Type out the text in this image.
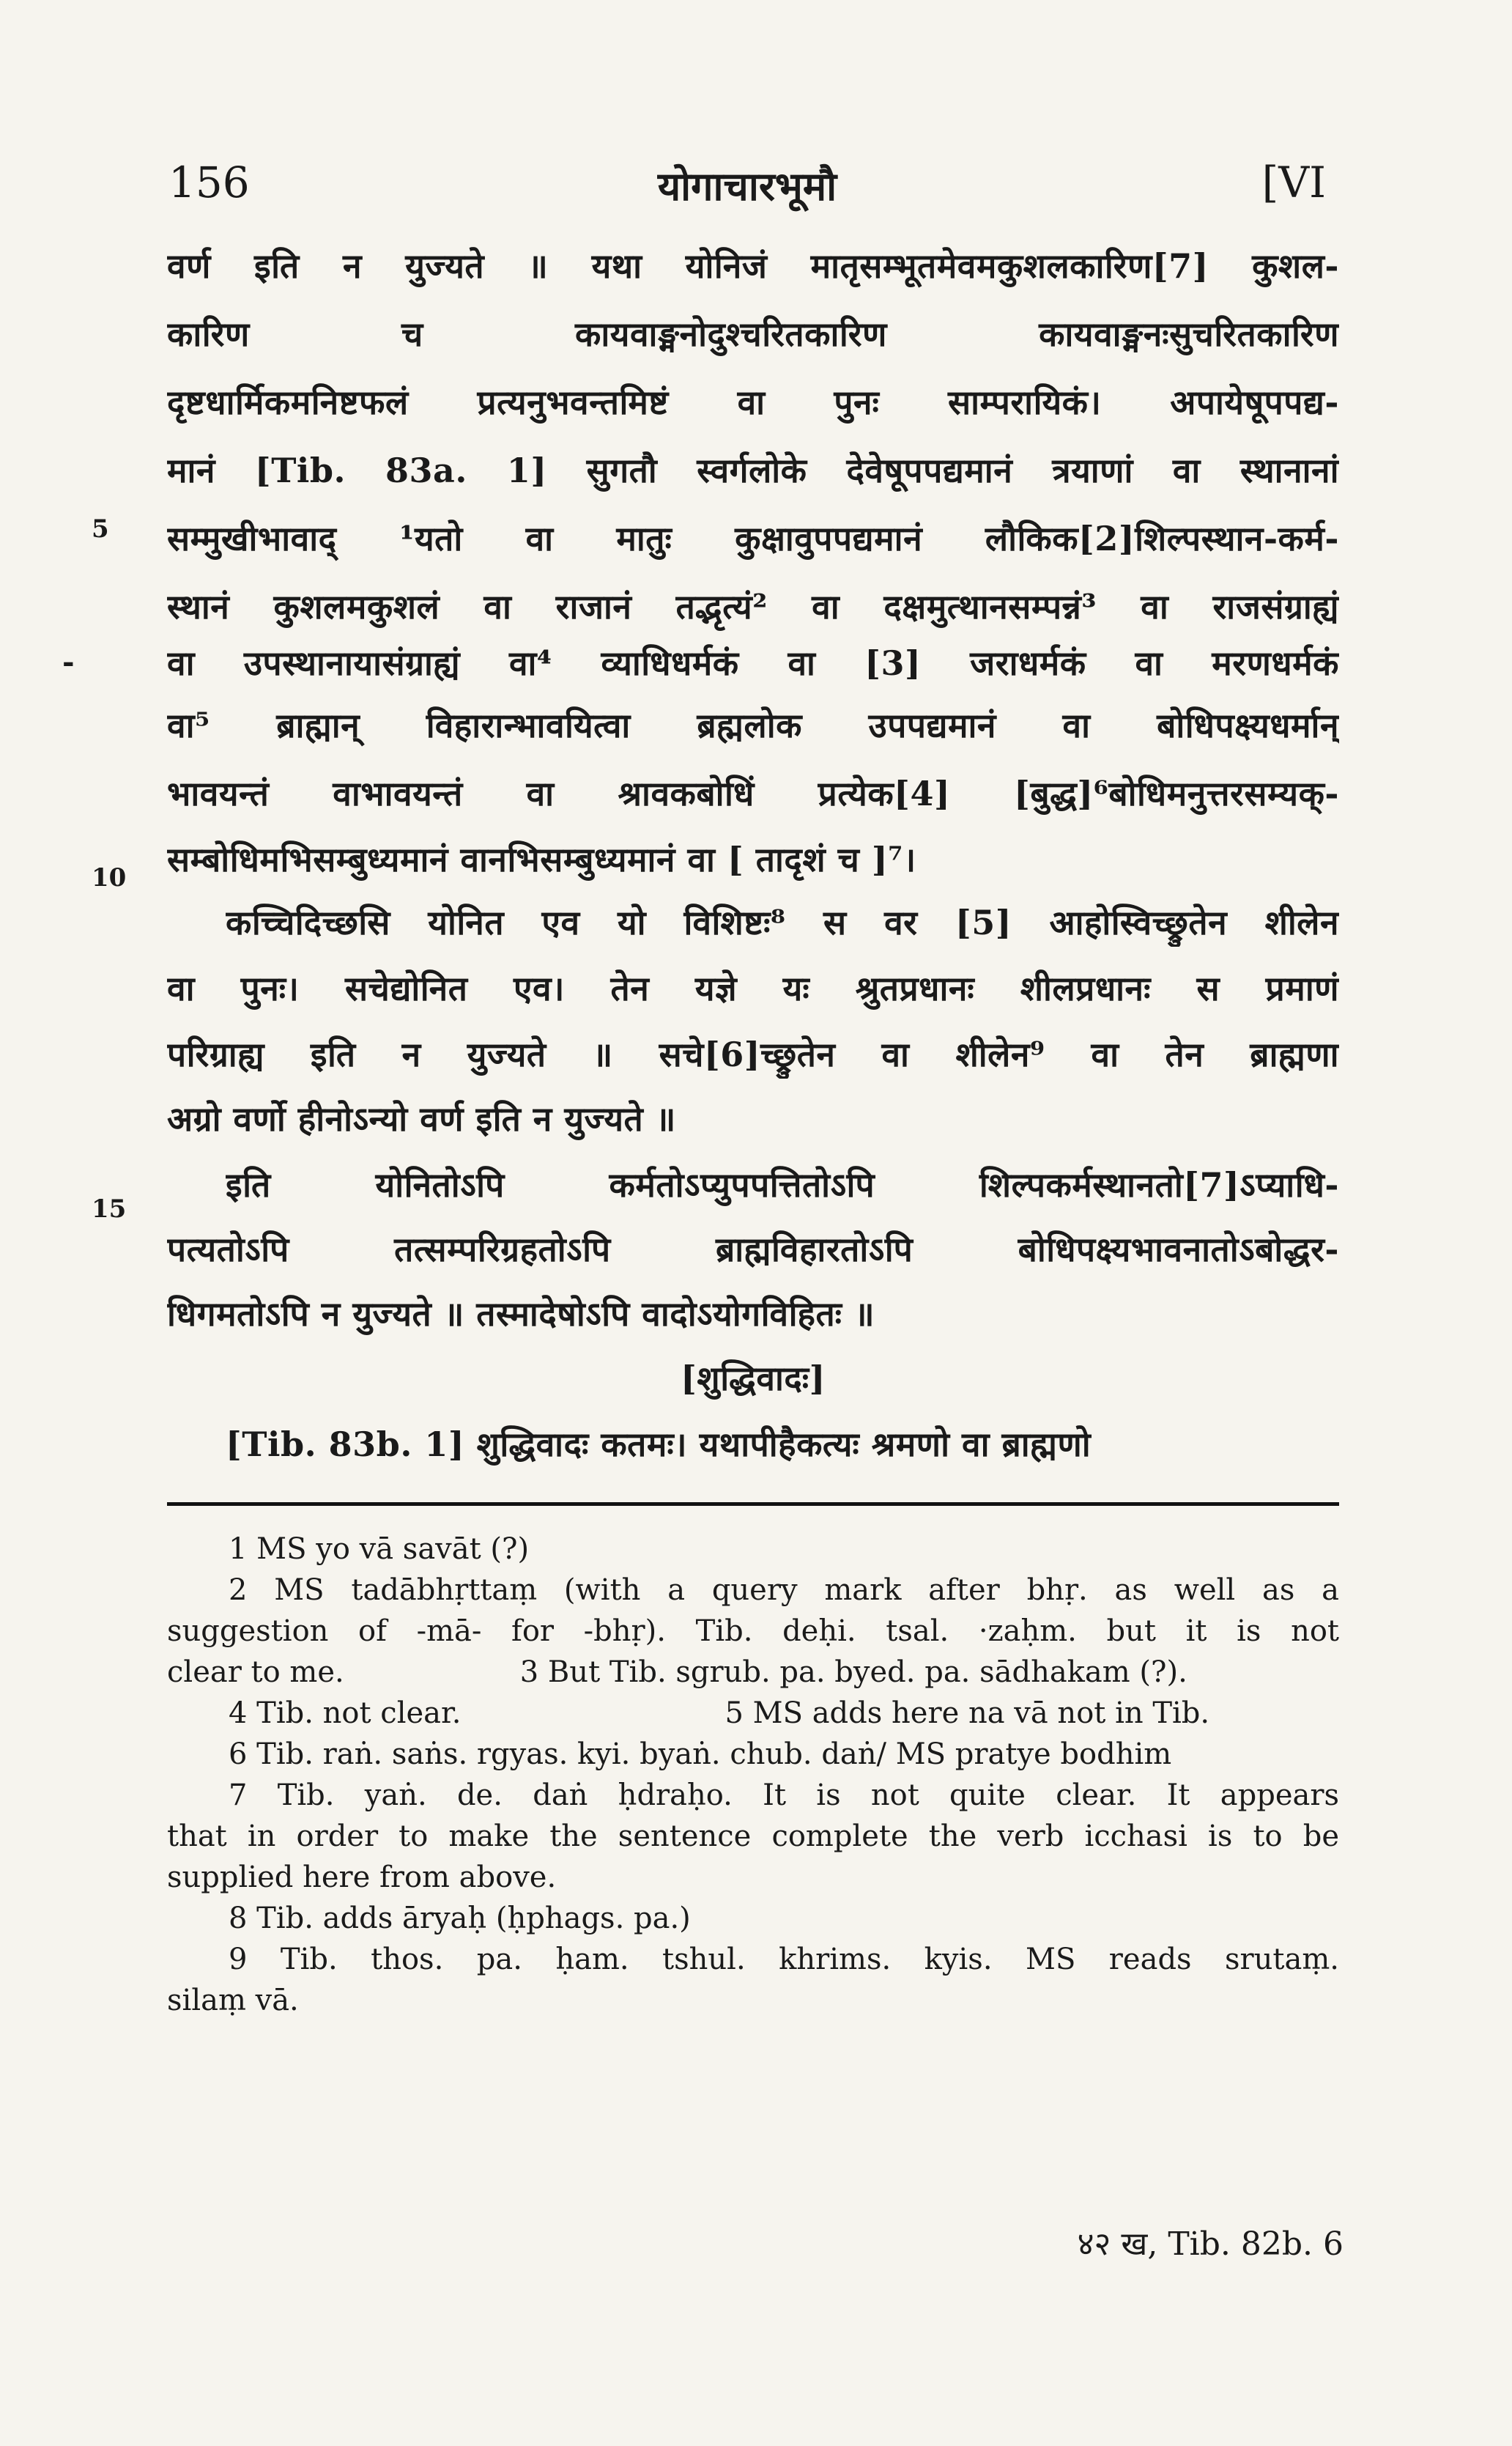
156	योगाचारभूमौ	[VI
5
10
15
-
वर्ण इति न युज्यते ॥ यथा योनिजं मातृसम्भूतमेवमकुशलकारिण[7] कुशल-
कारिण च कायवाङ्मनोदुश्चरितकारिण कायवाङ्मनःसुचरितकारिण
दृष्टधार्मिकमनिष्टफलं प्रत्यनुभवन्तमिष्टं वा पुनः साम्परायिकं। अपायेषूपपद्य-
मानं [Tib. 83a. 1] सुगतौ स्वर्गलोके देवेषूपपद्यमानं त्रयाणां वा स्थानानां
सम्मुखीभावाद् ¹यतो वा मातुः कुक्षावुपपद्यमानं लौकिक[2]शिल्पस्थान-कर्म-
स्थानं कुशलमकुशलं वा राजानं तद्भृत्यं² वा दक्षमुत्थानसम्पन्नं³ वा राजसंग्राह्यं
वा उपस्थानायासंग्राह्यं वा⁴ व्याधिधर्मकं वा [3] जराधर्मकं वा मरणधर्मकं
वा⁵ ब्राह्मान् विहारान्भावयित्वा ब्रह्मलोक उपपद्यमानं वा बोधिपक्ष्यधर्मान्
भावयन्तं वाभावयन्तं वा श्रावकबोधिं प्रत्येक[4] [बुद्ध]⁶बोधिमनुत्तरसम्यक्-
सम्बोधिमभिसम्बुध्यमानं वानभिसम्बुध्यमानं वा [ तादृशं च ]⁷।
कच्चिदिच्छसि योनित एव यो विशिष्टः⁸ स वर [5] आहोस्विच्छ्रुतेन शीलेन
वा पुनः। सचेद्योनित एव। तेन यज्ञे यः श्रुतप्रधानः शीलप्रधानः स प्रमाणं
परिग्राह्य इति न युज्यते ॥ सचे[6]च्छ्रुतेन वा शीलेन⁹ वा तेन ब्राह्मणा
अग्रो वर्णो हीनोऽन्यो वर्ण इति न युज्यते ॥
इति योनितोऽपि कर्मतोऽप्युपपत्तितोऽपि शिल्पकर्मस्थानतो[7]ऽप्याधि-
पत्यतोऽपि तत्सम्परिग्रहतोऽपि ब्राह्मविहारतोऽपि बोधिपक्ष्यभावनातोऽबोद्धर-
धिगमतोऽपि न युज्यते ॥ तस्मादेषोऽपि वादोऽयोगविहितः ॥
[शुद्धिवादः]
[Tib. 83b. 1] शुद्धिवादः कतमः। यथापीहैकत्यः श्रमणो वा ब्राह्मणो
1 MS yo vā savāt (?)
2 MS tadābhṛttaṃ (with a query mark after bhṛ. as well as a
suggestion of -mā- for -bhṛ). Tib. deḥi. tsal. ·zaḥm. but it is not
clear to me.	3 But Tib. sgrub. pa. byed. pa. sādhakam (?).
4 Tib. not clear.	5 MS adds here na vā not in Tib.
6 Tib. raṅ. saṅs. rgyas. kyi. byaṅ. chub. daṅ/ MS pratye bodhim
7 Tib. yaṅ. de. daṅ ḥdraḥo. It is not quite clear. It appears
that in order to make the sentence complete the verb icchasi is to be
supplied here from above.
8 Tib. adds āryaḥ (ḥphags. pa.)
9 Tib. thos. pa. ḥam. tshul. khrims. kyis. MS reads srutaṃ.
silaṃ vā.
४२ ख, Tib. 82b. 6
